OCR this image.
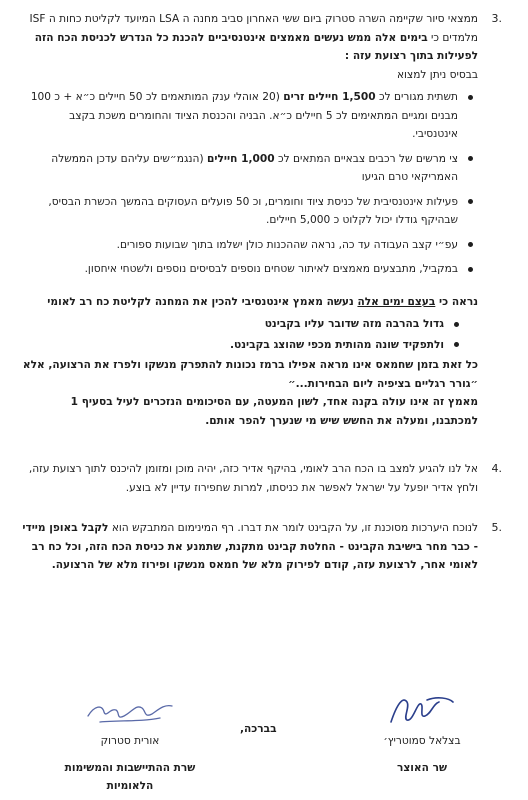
3.

ממצאי סיור שקיימה השרה סטרוק ביום ששי האחרון סביב מחנה ה LSA המיועד לקליטת כחות ה ISF מלמדים כי בימים אלה ממש נעשים מאמצים אינטנסיביים להכנת כל הנדרש לכניסת הכח הזה לפעילות בתוך רצועת עזה :

בבסיס ניתן למצוא

תשתית מגורים לכ 1,500 חיילים זרים (20 אוהלי ענק המותאמים לכ 50 חיילים כ״א + כ 100 מבנים ומגיים המתאימים לכ 5 חיילים כ״א. הבניה והכנסת הציוד והחומרים משכת בקצב אינטנסיבי.
צי מרשים של רכבים צבאיים המתאים לכ 1,000 חיילים (הנגמ״שים עליהם עדכן הממשלה האמריקאי טרם הגיעו
פעילות אינטנסיבית של כניסת ציוד וחומרים, וכ 50 פועלים העסוקים בהמשך הכשרת הבסיס, שבהיקף גודלו יכול לקלוט כ 5,000 חיילים.
עפ״י קצב העבודה עד כה, נראה שההכנות כולן ישלמו בתוך שבועות ספורים.
במקביל, מתבצעים מאמצים לאיתור שטחים נוספים לבסיסים נוספים ולשטחי איחסון.

נראה כי בעצם ימים אלה נעשה מאמץ אינטנסיבי להכין את המחנה לקליטת כח רב לאומי

גדול בהרבה מזה שדובר עליו בקבינט
ולתפקיד שונה מהותית מכפי שהוצג בקבינט.

כל זאת בזמן שחמאס אינו מראה אפילו ברמז נכונות להתפרק מנשקו ולפרז את הרצועה, אלא ״גורר רגליים בציפיה ליום הבחירות...״

מאמץ זה אינו עולה בקנה אחד, לשון המעטה, עם הסיכומים הנזכרים לעיל בסעיף 1 למכתבנו, ומעלה את החשש שיש מי שנערך להפר אותם.

4.

אל לנו להגיע למצב בו הכח הרב לאומי, בהיקף אדיר כזה, יהיה מוכן ומזומן להיכנס לתוך רצועת עזה, ולחץ אדיר יופעל על ישראל לאפשר את כניסתו, למרות שחפירוז עדיין לא בוצע.

5.

לנוכח היערכות מסוכנת זו, על הקבינט לומר את דברו. רף המינימום המתבקש הוא לקבל באופן מיידי - כבר מחר בישיבת הקבינט - החלטת קבינט מתקנת, שתמנע את כניסת הכח הזה, וכל כח רב לאומי אחר, לרצועת עזה, קודם לפירוק מלא של חמאס מנשקו ופירוז מלא של הרצועה.

בצלאל סמוטריץ׳
שר האוצר
בברכה,
אורית סטרוק
שרת ההתיישבות והמשימות הלאומיות
